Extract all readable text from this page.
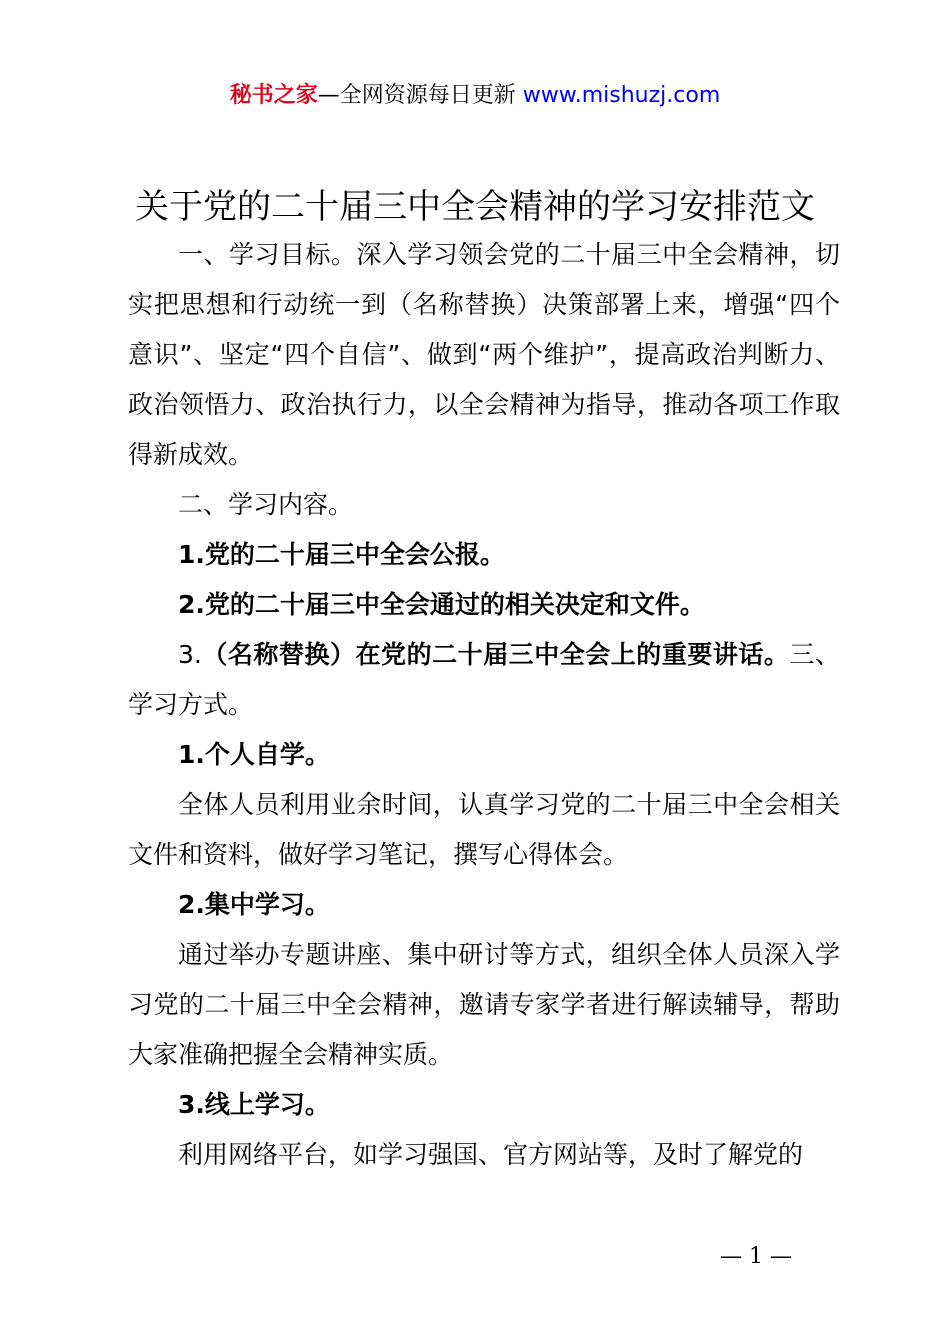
秘书之家—全网资源每日更新 www.mishuzj.com
关于党的二十届三中全会精神的学习安排范文

一、学习目标。深入学习领会党的二十届三中全会精神，切实把思想和行动统一到（名称替换）决策部署上来，增强“四个意识”、坚定“四个自信”、做到“两个维护”，提高政治判断力、政治领悟力、政治执行力，以全会精神为指导，推动各项工作取得新成效。

二、学习内容。

1.党的二十届三中全会公报。

2.党的二十届三中全会通过的相关决定和文件。

3.（名称替换）在党的二十届三中全会上的重要讲话。三、学习方式。

1.个人自学。

全体人员利用业余时间，认真学习党的二十届三中全会相关文件和资料，做好学习笔记，撰写心得体会。

2.集中学习。

通过举办专题讲座、集中研讨等方式，组织全体人员深入学习党的二十届三中全会精神，邀请专家学者进行解读辅导，帮助大家准确把握全会精神实质。

3.线上学习。

利用网络平台，如学习强国、官方网站等，及时了解党的

— 1 —
